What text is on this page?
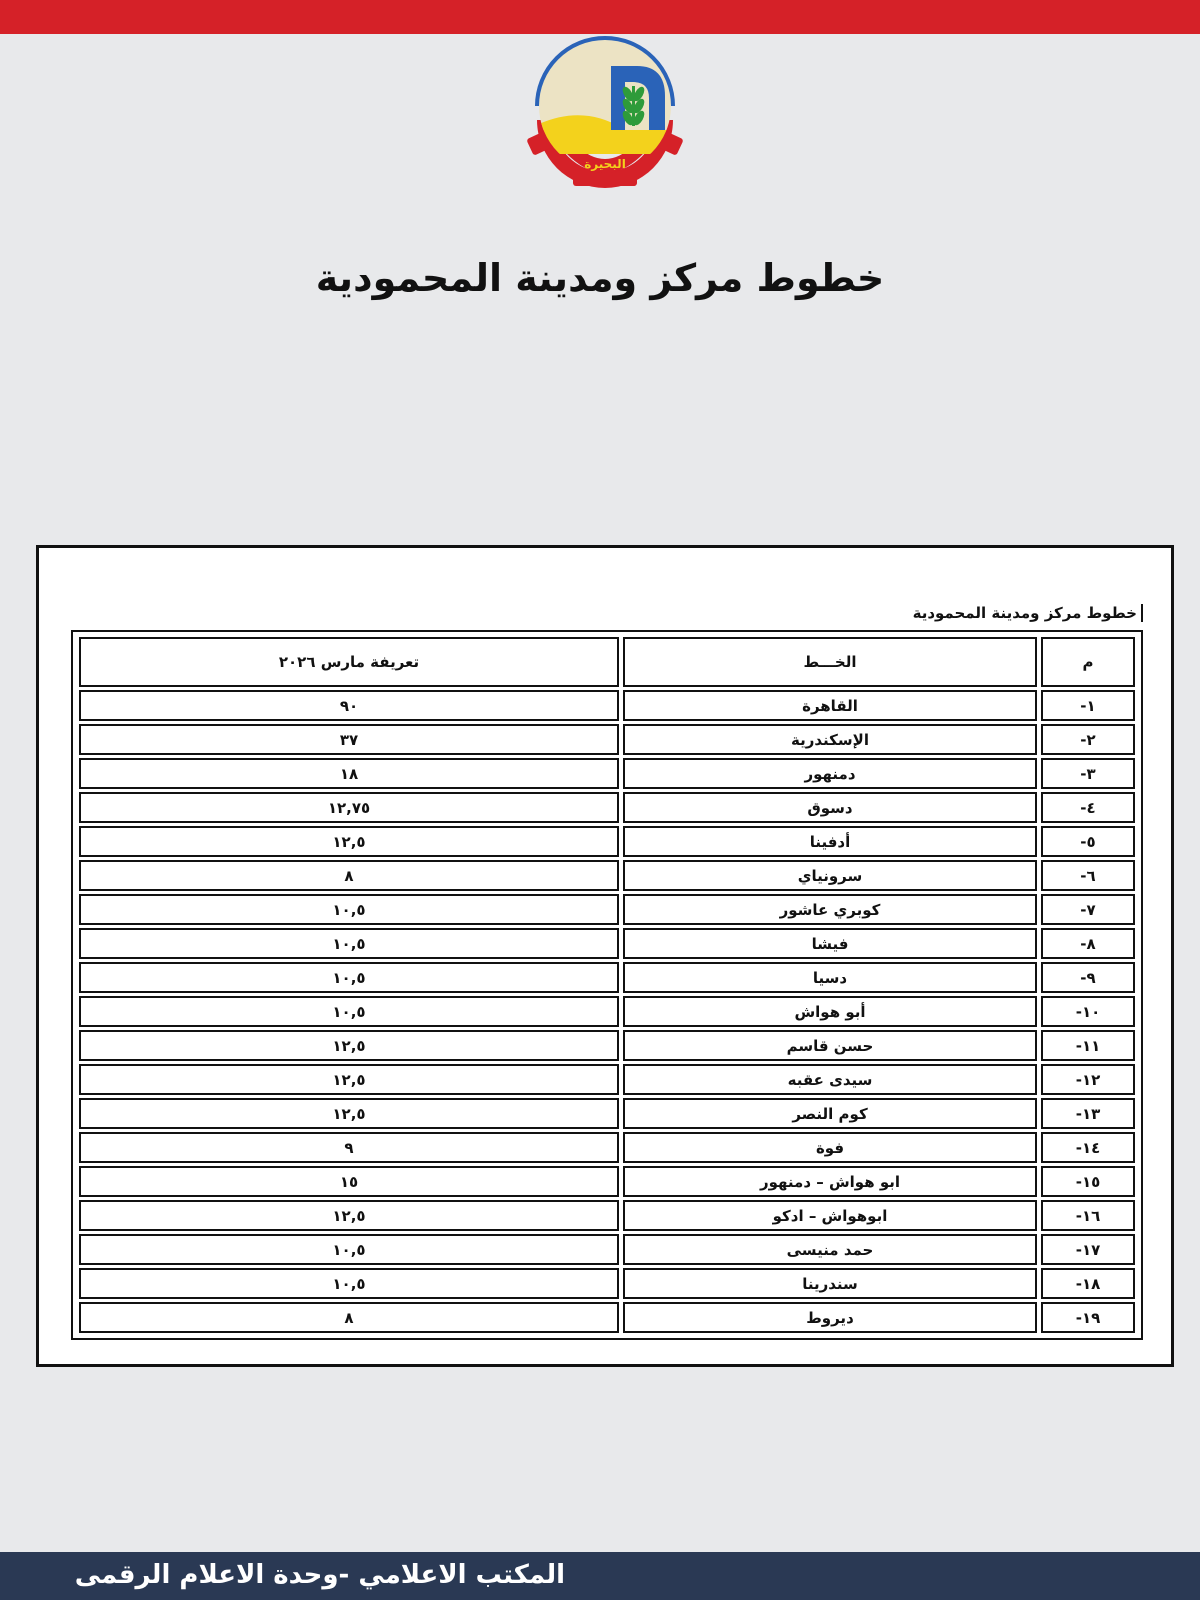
البحيرة
خطوط مركز ومدينة المحمودية
خطوط مركز ومدينة المحمودية
م	الخـــط	تعريفة مارس ٢٠٢٦
١-	القاهرة	٩٠
٢-	الإسكندرية	٣٧
٣-	دمنهور	١٨
٤-	دسوق	١٢,٧٥
٥-	أدفينا	١٢,٥
٦-	سرونياي	٨
٧-	كوبري عاشور	١٠,٥
٨-	فيشا	١٠,٥
٩-	دسيا	١٠,٥
١٠-	أبو هواش	١٠,٥
١١-	حسن قاسم	١٢,٥
١٢-	سيدى عقبه	١٢,٥
١٣-	كوم النصر	١٢,٥
١٤-	فوة	٩
١٥-	ابو هواش – دمنهور	١٥
١٦-	ابوهواش – ادكو	١٢,٥
١٧-	حمد منيسى	١٠,٥
١٨-	سندرينا	١٠,٥
١٩-	ديروط	٨
المكتب الاعلامي -وحدة الاعلام الرقمى
